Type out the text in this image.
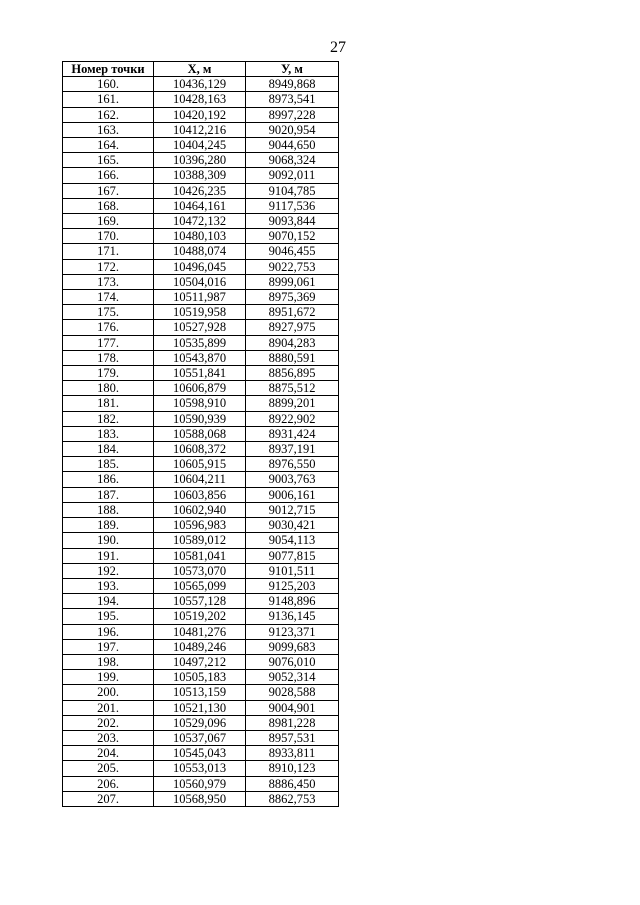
27
Номер точки	Х, м	У, м
160.	10436,129	8949,868
161.	10428,163	8973,541
162.	10420,192	8997,228
163.	10412,216	9020,954
164.	10404,245	9044,650
165.	10396,280	9068,324
166.	10388,309	9092,011
167.	10426,235	9104,785
168.	10464,161	9117,536
169.	10472,132	9093,844
170.	10480,103	9070,152
171.	10488,074	9046,455
172.	10496,045	9022,753
173.	10504,016	8999,061
174.	10511,987	8975,369
175.	10519,958	8951,672
176.	10527,928	8927,975
177.	10535,899	8904,283
178.	10543,870	8880,591
179.	10551,841	8856,895
180.	10606,879	8875,512
181.	10598,910	8899,201
182.	10590,939	8922,902
183.	10588,068	8931,424
184.	10608,372	8937,191
185.	10605,915	8976,550
186.	10604,211	9003,763
187.	10603,856	9006,161
188.	10602,940	9012,715
189.	10596,983	9030,421
190.	10589,012	9054,113
191.	10581,041	9077,815
192.	10573,070	9101,511
193.	10565,099	9125,203
194.	10557,128	9148,896
195.	10519,202	9136,145
196.	10481,276	9123,371
197.	10489,246	9099,683
198.	10497,212	9076,010
199.	10505,183	9052,314
200.	10513,159	9028,588
201.	10521,130	9004,901
202.	10529,096	8981,228
203.	10537,067	8957,531
204.	10545,043	8933,811
205.	10553,013	8910,123
206.	10560,979	8886,450
207.	10568,950	8862,753
